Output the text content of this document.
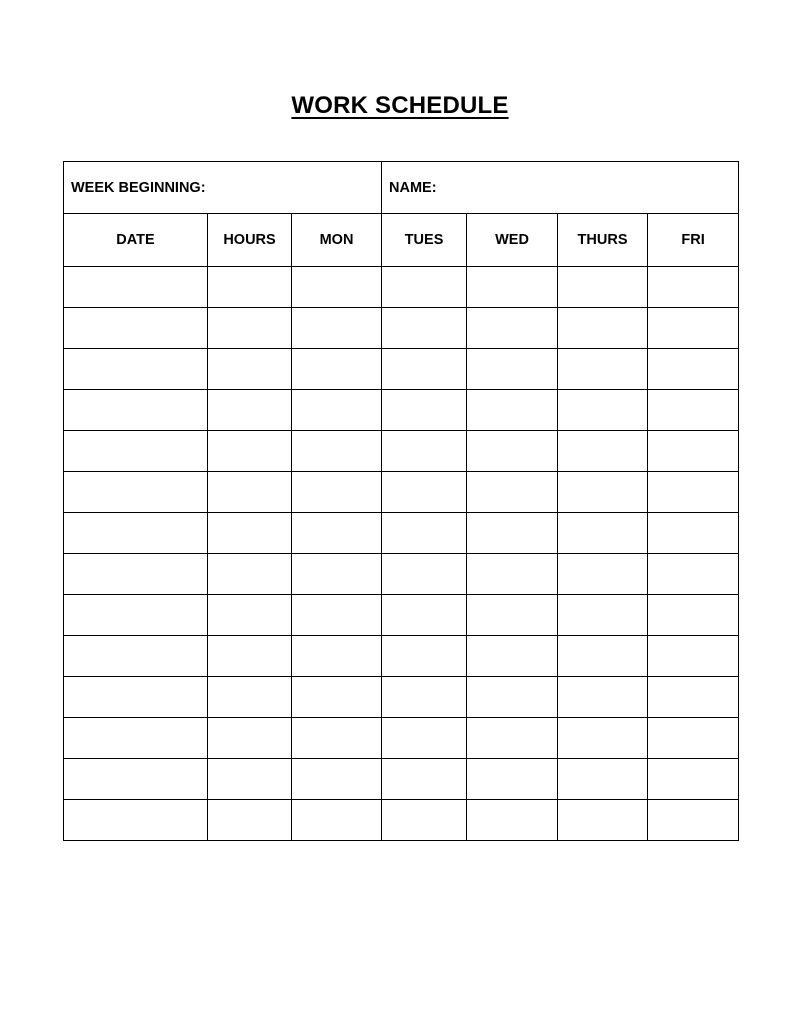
WORK SCHEDULE
WEEK BEGINNING:			NAME:			
DATE	HOURS	MON	TUES	WED	THURS	FRI
